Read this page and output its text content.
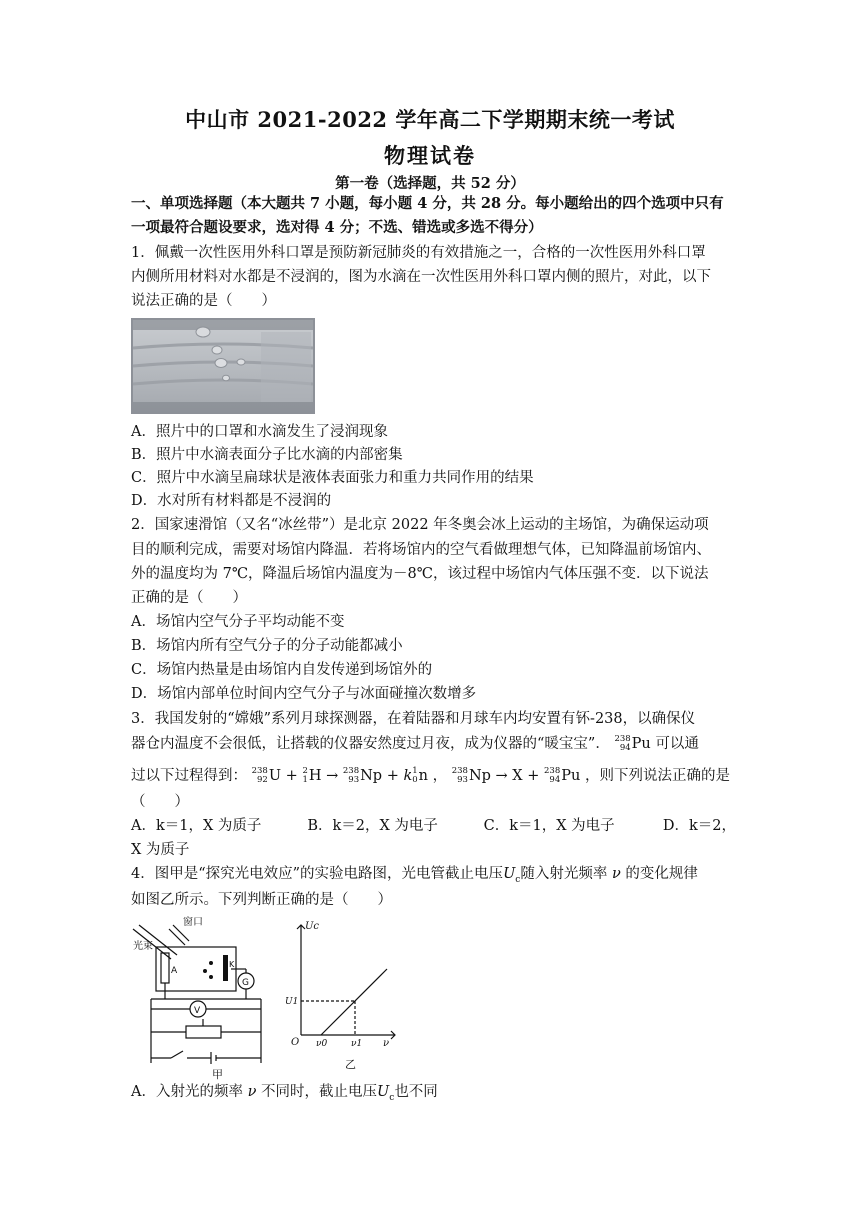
中山市 2021-2022 学年高二下学期期末统一考试
物理试卷
第一卷（选择题，共 52 分）
一、单项选择题（本大题共 7 小题，每小题 4 分，共 28 分。每小题给出的四个选项中只有
一项最符合题设要求，选对得 4 分；不选、错选或多选不得分）
1．佩戴一次性医用外科口罩是预防新冠肺炎的有效措施之一，合格的一次性医用外科口罩
内侧所用材料对水都是不浸润的，图为水滴在一次性医用外科口罩内侧的照片，对此，以下
说法正确的是（　　）
A．照片中的口罩和水滴发生了浸润现象
B．照片中水滴表面分子比水滴的内部密集
C．照片中水滴呈扁球状是液体表面张力和重力共同作用的结果
D．水对所有材料都是不浸润的
2．国家速滑馆（又名“冰丝带”）是北京 2022 年冬奥会冰上运动的主场馆，为确保运动项
目的顺利完成，需要对场馆内降温．若将场馆内的空气看做理想气体，已知降温前场馆内、
外的温度均为 7℃，降温后场馆内温度为－8℃，该过程中场馆内气体压强不变．以下说法
正确的是（　　）
A．场馆内空气分子平均动能不变
B．场馆内所有空气分子的分子动能都减小
C．场馆内热量是由场馆内自发传递到场馆外的
D．场馆内部单位时间内空气分子与冰面碰撞次数增多
3．我国发射的“嫦娥”系列月球探测器，在着陆器和月球车内均安置有钚-238，以确保仪
器仓内温度不会很低，让搭载的仪器安然度过月夜，成为仪器的“暖宝宝”． 238
94 Pu 可以通
过以下过程得到： 238
92 U + 2
1 H → 238
93 Np + k 1
0 n ， 238
93 Np → X + 238
94 Pu ，则下列说法正确的是
（　　）
A．k＝1，X 为质子	B．k＝2，X 为电子	C．k＝1，X 为电子	D．k＝2，
X 为质子
4．图甲是“探究光电效应”的实验电路图，光电管截止电压$U_c$随入射光频率 ν 的变化规律
如图乙所示。下列判断正确的是（　　）
窗口
光束
A
K
G
V
甲
Uc
U1
O ν0	ν1 ν
乙
A．入射光的频率 ν 不同时，截止电压$U_c$也不同
